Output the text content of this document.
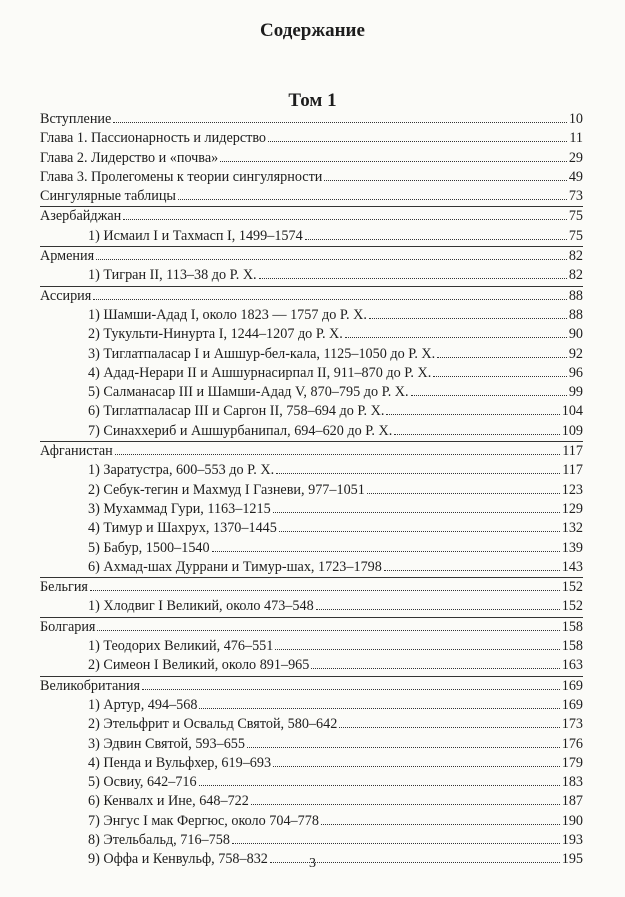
Содержание
Том 1
Вступление	10
Глава 1. Пассионарность и лидерство	11
Глава 2. Лидерство и «почва»	29
Глава 3. Пролегомены к теории сингулярности	49
Сингулярные таблицы	73
Азербайджан	75
1) Исмаил I и Тахмасп I, 1499–1574	75
Армения	82
1) Тигран II, 113–38 до Р. Х.	82
Ассирия	88
1) Шамши-Адад I, около 1823 — 1757 до Р. Х.	88
2) Тукульти-Нинурта I, 1244–1207 до Р. Х.	90
3) Тиглатпаласар I и Ашшур-бел-кала, 1125–1050 до Р. Х.	92
4) Адад-Нерари II и Ашшурнасирпал II, 911–870 до Р. Х.	96
5) Салманасар III и Шамши-Адад V, 870–795 до Р. Х.	99
6) Тиглатпаласар III и Саргон II, 758–694 до Р. Х.	104
7) Синаххериб и Ашшурбанипал, 694–620 до Р. Х.	109
Афганистан	117
1) Заратустра, 600–553 до Р. Х.	117
2) Себук-тегин и Махмуд I Газневи, 977–1051	123
3) Мухаммад Гури, 1163–1215	129
4) Тимур и Шахрух, 1370–1445	132
5) Бабур, 1500–1540	139
6) Ахмад-шах Дуррани и Тимур-шах, 1723–1798	143
Бельгия	152
1) Хлодвиг I Великий, около 473–548	152
Болгария	158
1) Теодорих Великий, 476–551	158
2) Симеон I Великий, около 891–965	163
Великобритания	169
1) Артур, 494–568	169
2) Этельфрит и Освальд Святой, 580–642	173
3) Эдвин Святой, 593–655	176
4) Пенда и Вульфхер, 619–693	179
5) Освиу, 642–716	183
6) Кенвалх и Ине, 648–722	187
7) Энгус I мак Фергюс, около 704–778	190
8) Этельбальд, 716–758	193
9) Оффа и Кенвульф, 758–832	195
3
